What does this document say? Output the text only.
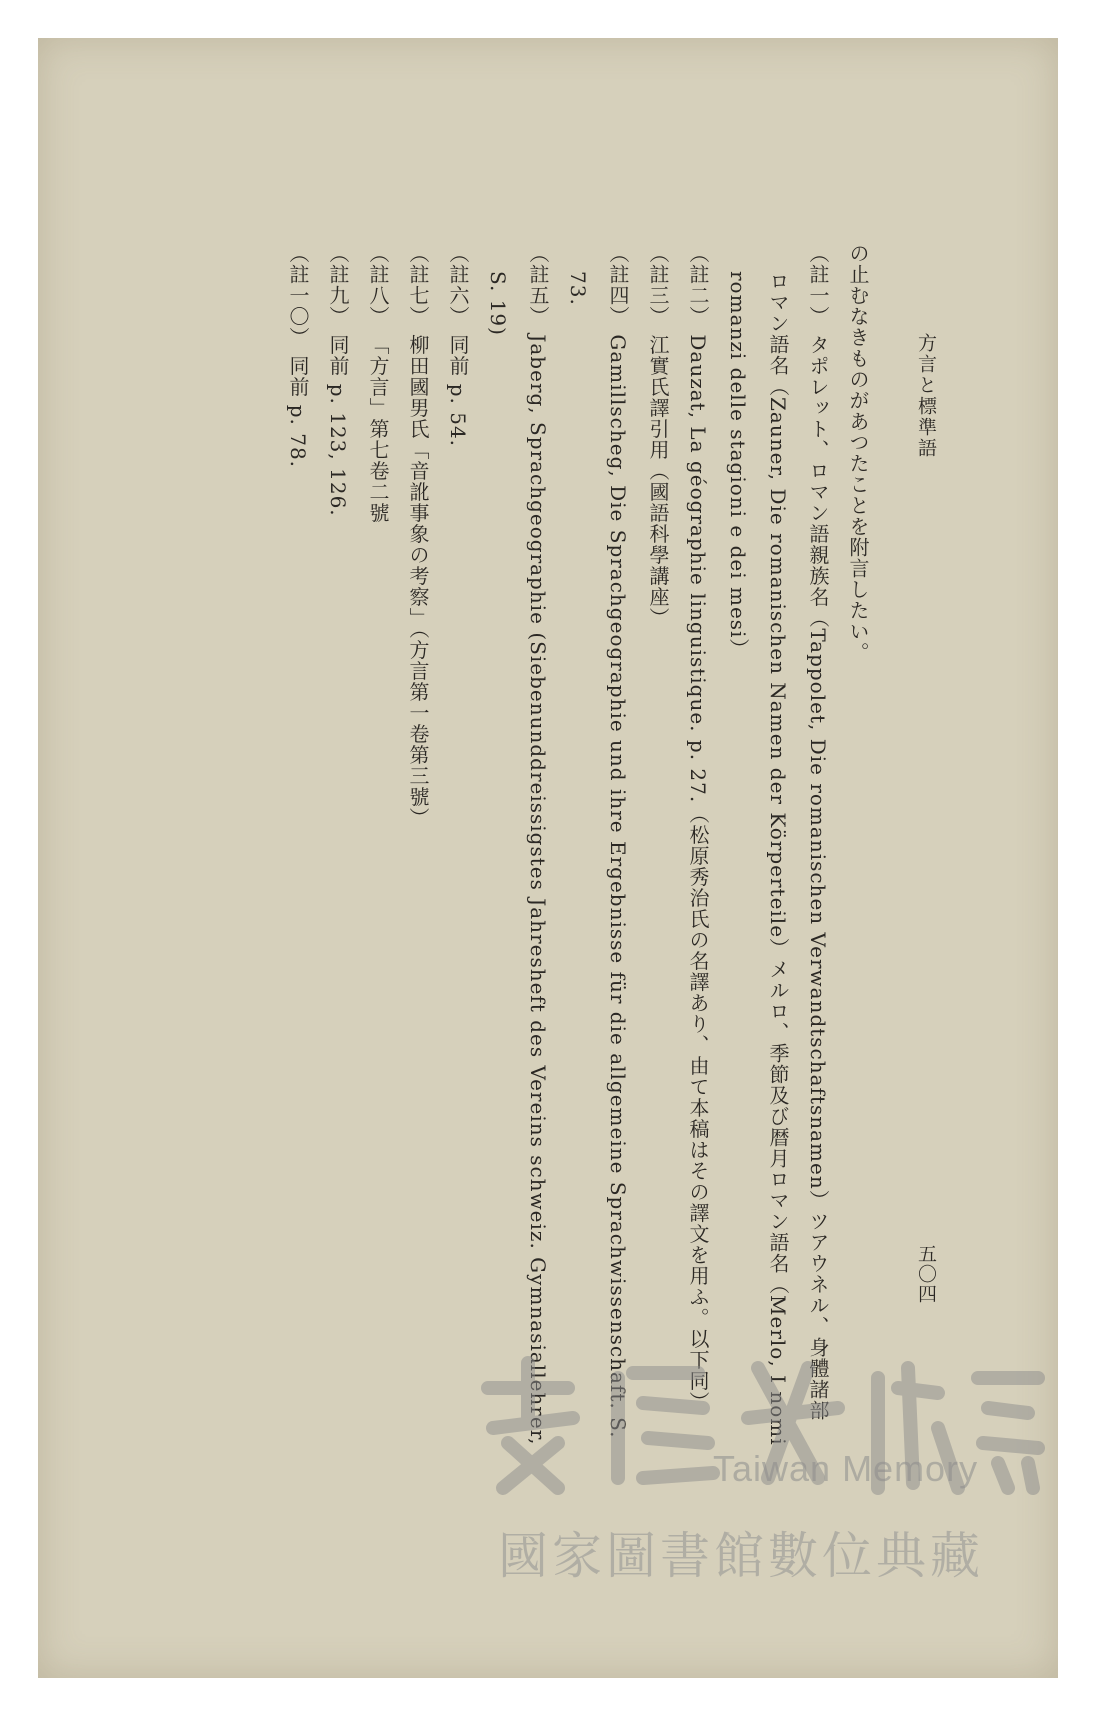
方言と標準語
五〇四
の止むなきものがあつたことを附言したい。
（註一） タポレット、ロマン語親族名（Tappolet, Die romanischen Verwandtschaftsnamen）ツアウネル、身體諸部
ロマン語名（Zauner, Die romanischen Namen der Körperteile）メルロ、季節及び暦月ロマン語名（Merlo, I nomi
romanzi delle stagioni e dei mesi）
（註二） Dauzat, La géographie linguistique. p. 27.（松原秀治氏の名譯あり、由て本稿はその譯文を用ふ。以下同）
（註三） 江實氏譯引用（國語科學講座）
（註四） Gamillscheg, Die Sprachgeographie und ihre Ergebnisse für die allgemeine Sprachwissenschaft. S.
73.
（註五） Jaberg, Sprachgeographie (Siebenunddreissigstes Jahresheft des Vereins schweiz. Gymnasiallehrer,
S. 19)
（註六） 同前 p. 54.
（註七） 柳田國男氏「音訛事象の考察」（方言第一卷第三號）
（註八） 「方言」第七卷二號
（註九） 同前 p. 123, 126.
（註一〇） 同前 p. 78.
Taiwan Memory
國家圖書館數位典藏
